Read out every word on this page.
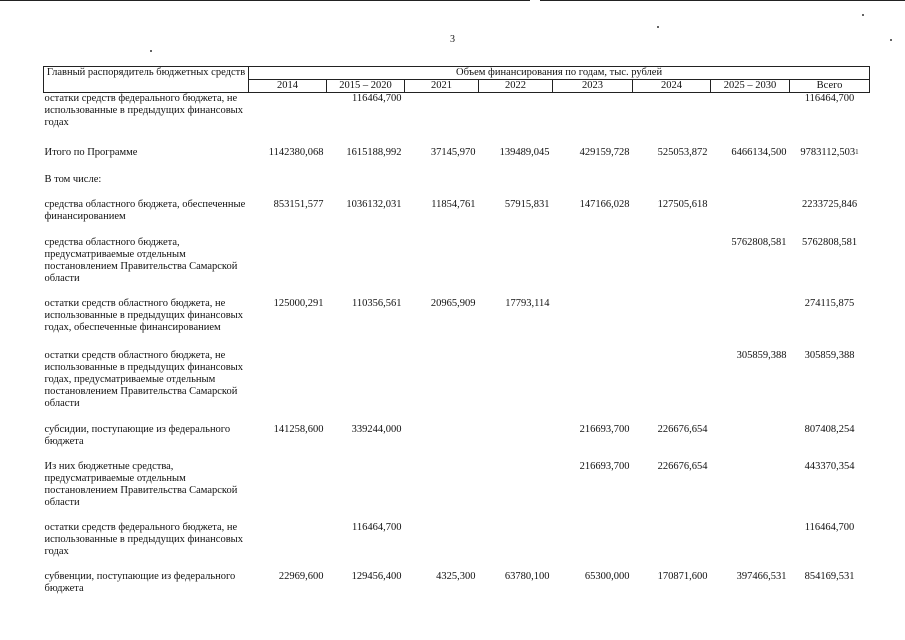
3
Главный распорядитель бюджетных средств	Объем финансирования по годам, тыс. рублей							
	2014	2015 – 2020	2021	2022	2023	2024	2025 – 2030	Всего
остатки средств федерального бюджета, не использованные в предыдущих финансовых годах		116464,700						116464,700
Итого по Программе	1142380,068	1615188,992	37145,970	139489,045	429159,728	525053,872	6466134,500	9783112,503$^1$
В том числе:								
средства областного бюджета, обеспеченные финансированием	853151,577	1036132,031	11854,761	57915,831	147166,028	127505,618		2233725,846
средства областного бюджета, предусматриваемые отдельным постановлением Правительства Самарской области							5762808,581	5762808,581
остатки средств областного бюджета, не использованные в предыдущих финансовых годах, обеспеченные финансированием	125000,291	110356,561	20965,909	17793,114				274115,875
остатки средств областного бюджета, не использованные в предыдущих финансовых годах, предусматриваемые отдельным постановлением Правительства Самарской области							305859,388	305859,388
субсидии, поступающие из федерального бюджета	141258,600	339244,000			216693,700	226676,654		807408,254
Из них бюджетные средства, предусматриваемые отдельным постановлением Правительства Самарской области					216693,700	226676,654		443370,354
остатки средств федерального бюджета, не использованные в предыдущих финансовых годах		116464,700						116464,700
субвенции, поступающие из федерального бюджета	22969,600	129456,400	4325,300	63780,100	65300,000	170871,600	397466,531	854169,531
